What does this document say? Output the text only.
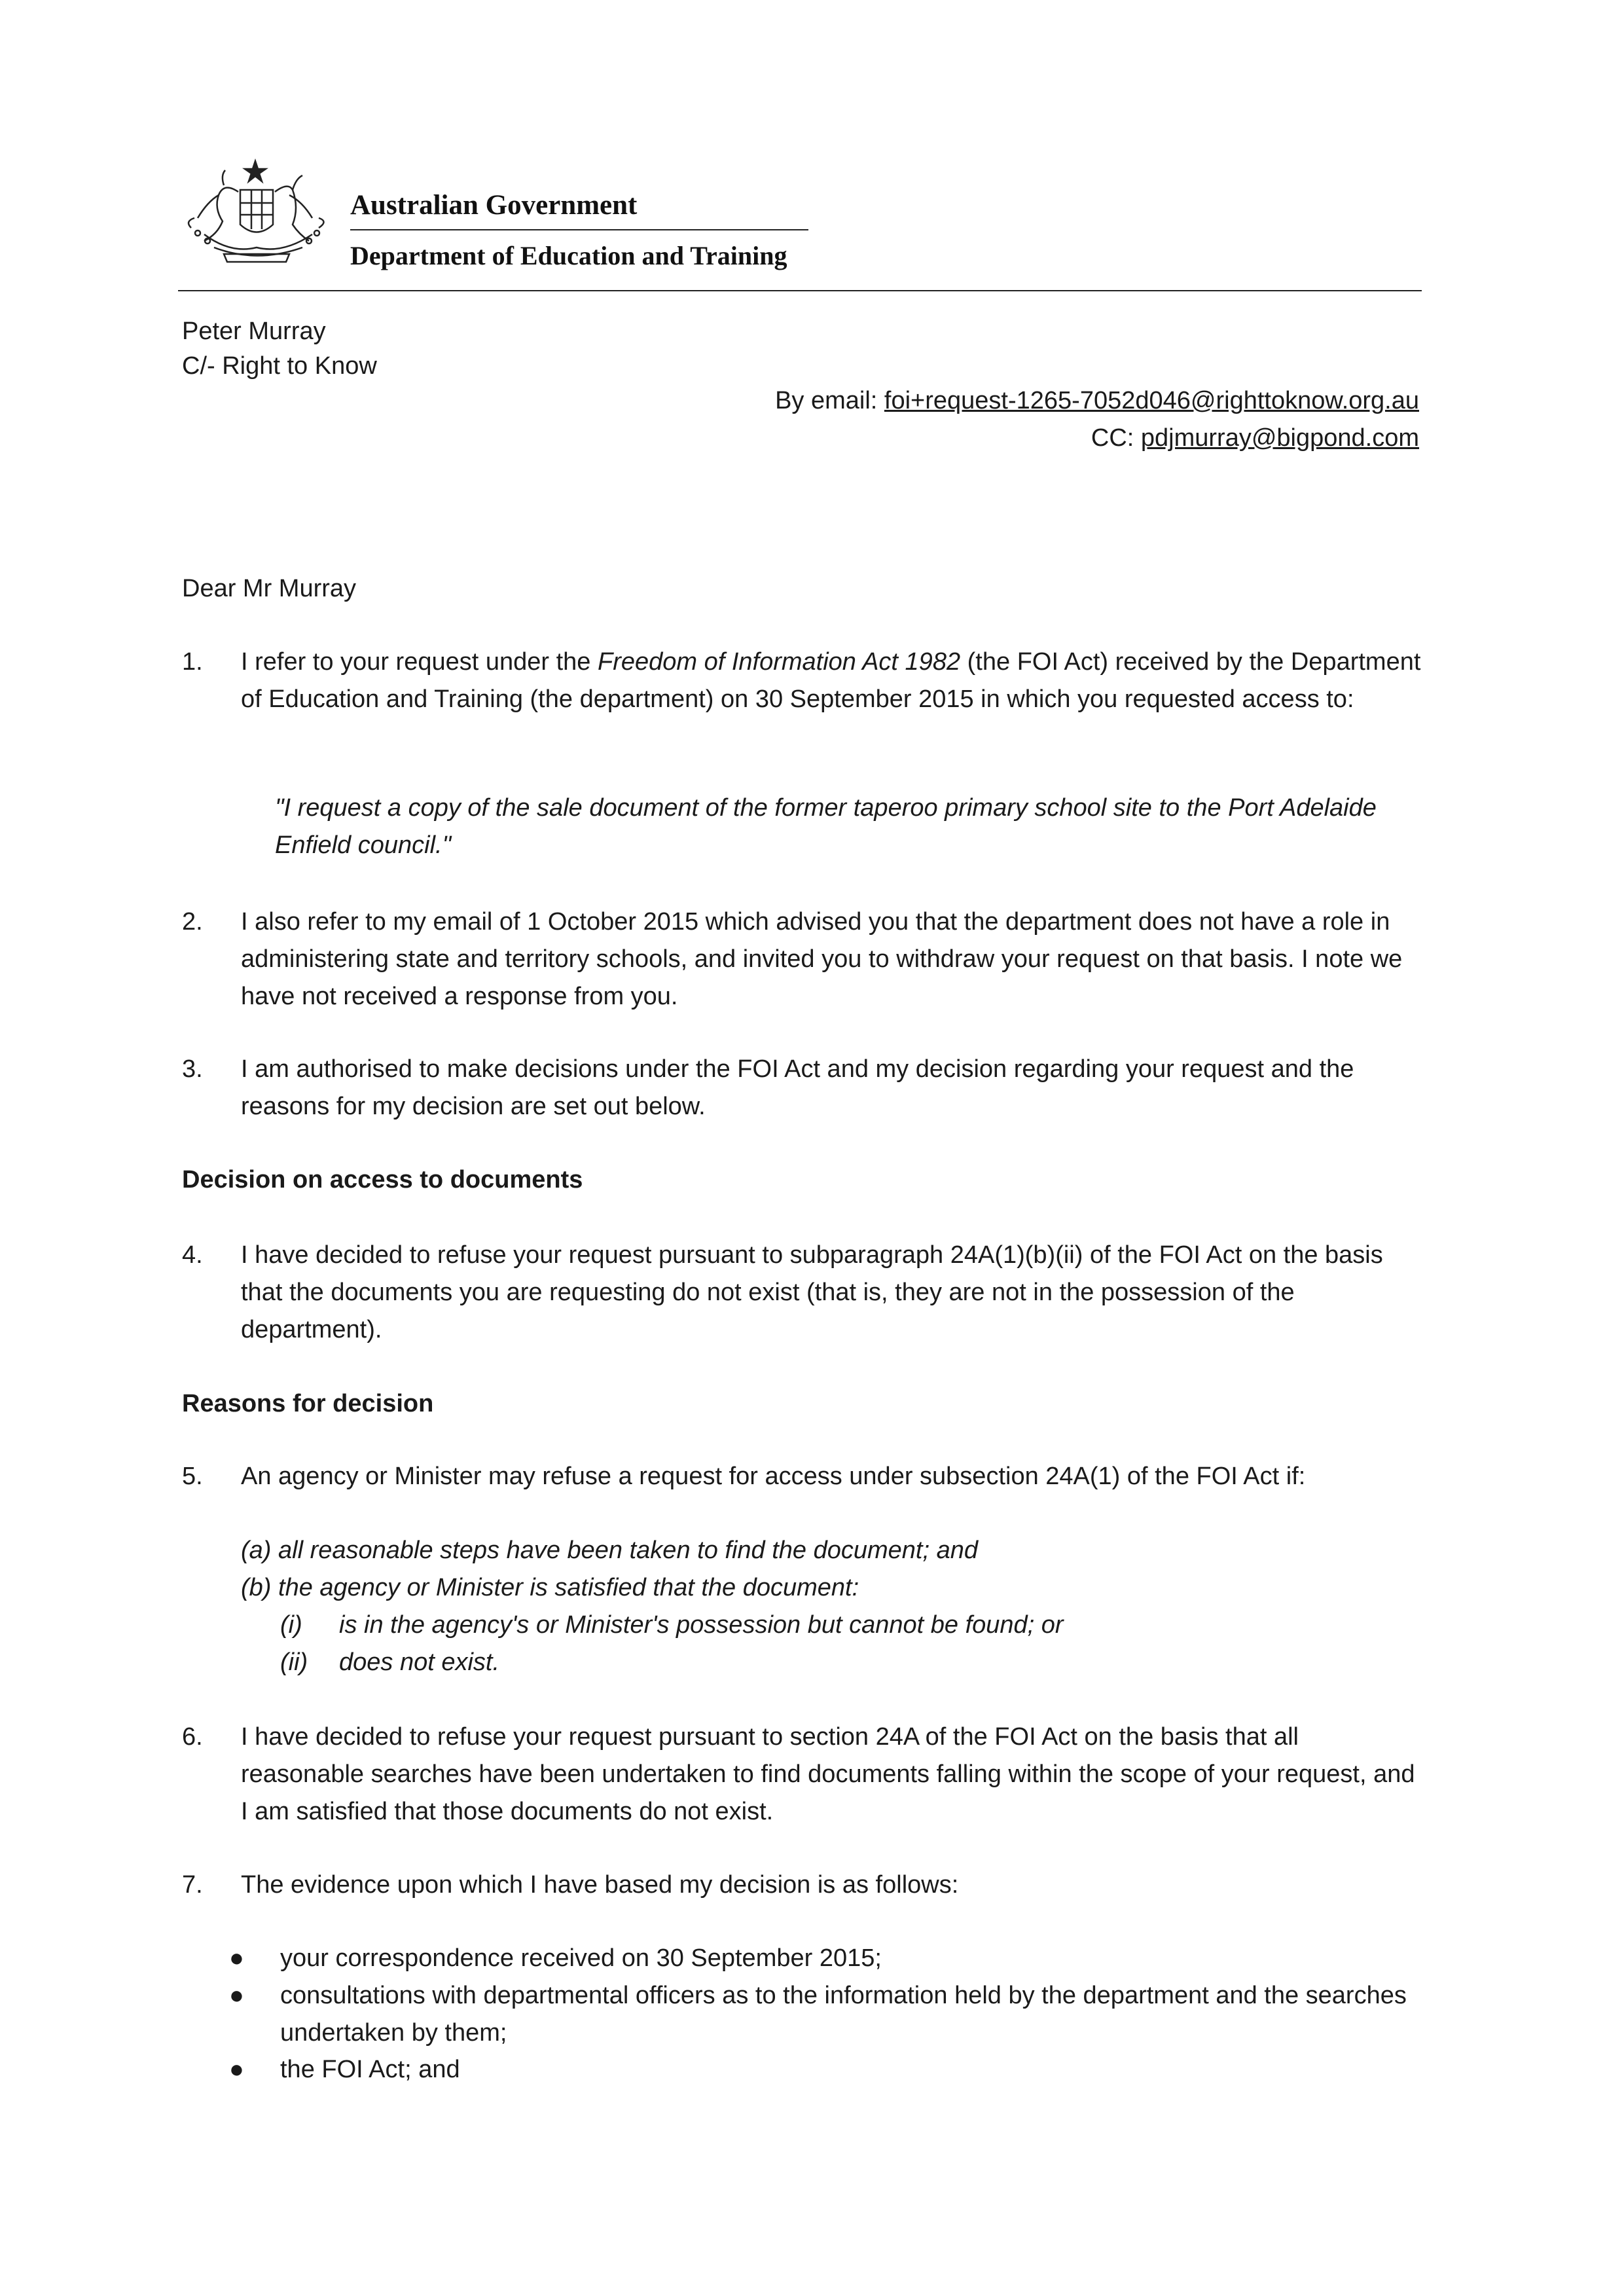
Australian Government
Department of Education and Training
Peter Murray
C/- Right to Know
By email: foi+request-1265-7052d046@righttoknow.org.au
CC: pdjmurray@bigpond.com
Dear Mr Murray
1. I refer to your request under the Freedom of Information Act 1982 (the FOI Act) received by the Department of Education and Training (the department) on 30 September 2015 in which you requested access to:
"I request a copy of the sale document of the former taperoo primary school site to the Port Adelaide Enfield council."
2. I also refer to my email of 1 October 2015 which advised you that the department does not have a role in administering state and territory schools, and invited you to withdraw your request on that basis. I note we have not received a response from you.
3. I am authorised to make decisions under the FOI Act and my decision regarding your request and the reasons for my decision are set out below.
Decision on access to documents
4. I have decided to refuse your request pursuant to subparagraph 24A(1)(b)(ii) of the FOI Act on the basis that the documents you are requesting do not exist (that is, they are not in the possession of the department).
Reasons for decision
5. An agency or Minister may refuse a request for access under subsection 24A(1) of the FOI Act if:
(a) all reasonable steps have been taken to find the document; and
(b) the agency or Minister is satisfied that the document:
(i) is in the agency's or Minister's possession but cannot be found; or
(ii) does not exist.
6. I have decided to refuse your request pursuant to section 24A of the FOI Act on the basis that all reasonable searches have been undertaken to find documents falling within the scope of your request, and I am satisfied that those documents do not exist.
7. The evidence upon which I have based my decision is as follows:
● your correspondence received on 30 September 2015;
● consultations with departmental officers as to the information held by the department and the searches undertaken by them;
● the FOI Act; and
